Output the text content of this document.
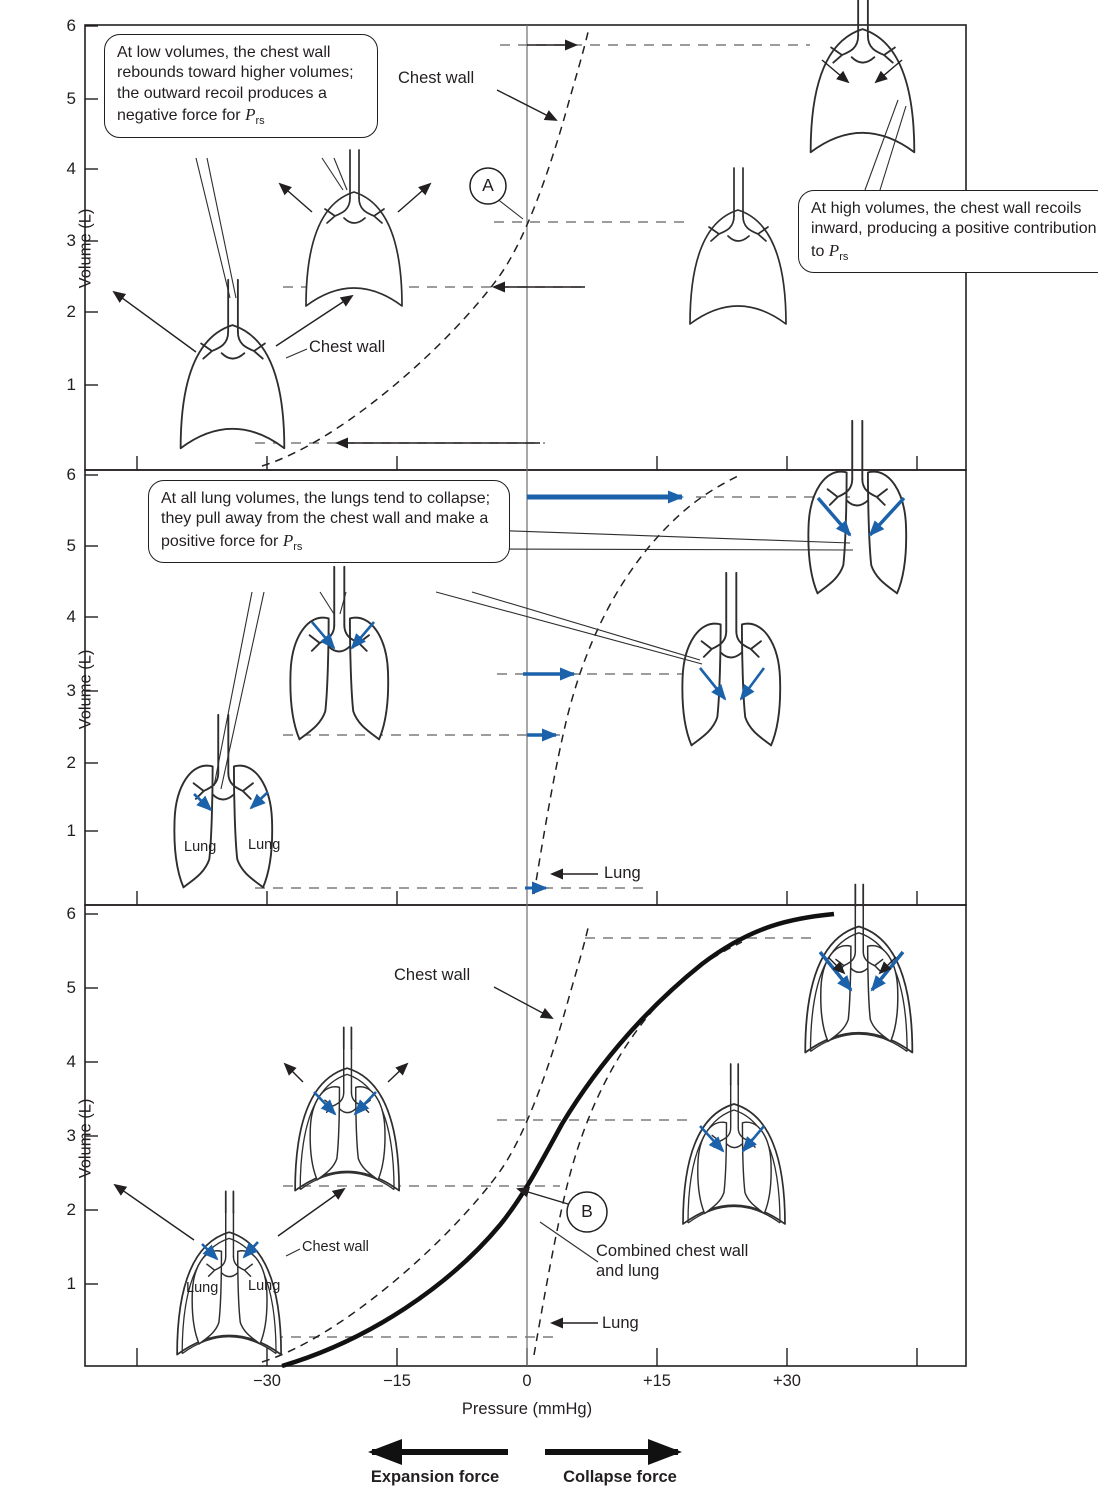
Volume (L)
Volume (L)
Volume (L)
6
5
4
3
2
1
6
5
4
3
2
1
6
5
4
3
2
1
−30	−15	0	+15	+30
Pressure (mmHg)
Expansion force	Collapse force
At low volumes, the chest wall rebounds toward higher volumes; the outward recoil produces a negative force for $P_{rs}$
At high volumes, the chest wall recoils inward, producing a positive contribution to $P_{rs}$
At all lung volumes, the lungs tend to collapse; they pull away from the chest wall and make a positive force for $P_{rs}$
Chest wall
Chest wall
A
Lung Lung
Lung
Chest wall
B
Combined chest wall and lung
Lung
Chest wall
Lung Lung
